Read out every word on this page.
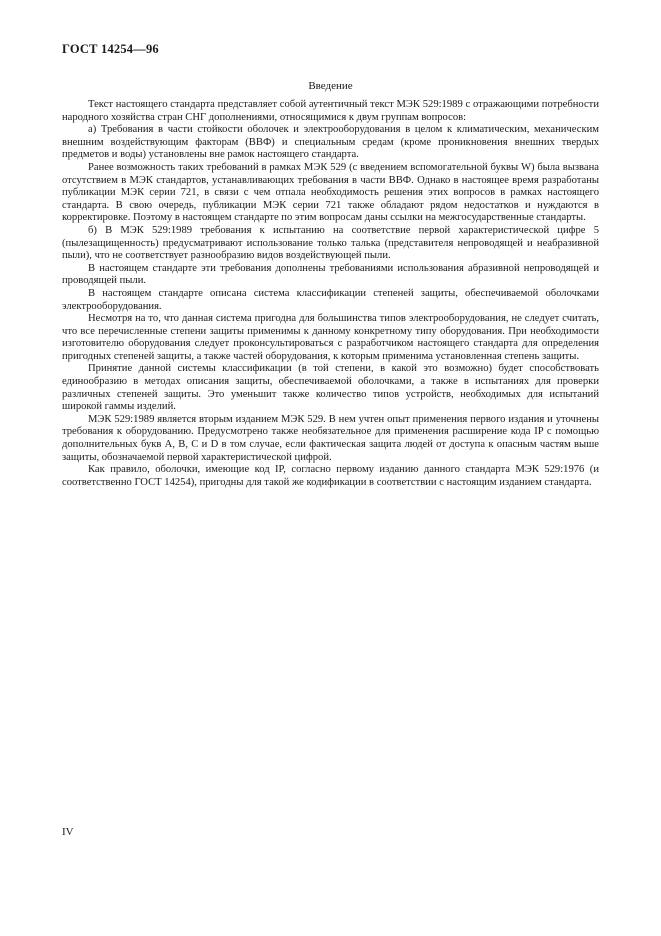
ГОСТ 14254—96
Введение

Текст настоящего стандарта представляет собой аутентичный текст МЭК 529:1989 с отражающими потребности народного хозяйства стран СНГ дополнениями, относящимися к двум группам вопросов:

а) Требования в части стойкости оболочек и электрооборудования в целом к климатическим, механическим внешним воздействующим факторам (ВВФ) и специальным средам (кроме проникновения внешних твердых предметов и воды) установлены вне рамок настоящего стандарта.

Ранее возможность таких требований в рамках МЭК 529 (с введением вспомогательной буквы W) была вызвана отсутствием в МЭК стандартов, устанавливающих требования в части ВВФ. Однако в настоящее время разработаны публикации МЭК серии 721, в связи с чем отпала необходимость решения этих вопросов в рамках настоящего стандарта. В свою очередь, публикации МЭК серии 721 также обладают рядом недостатков и нуждаются в корректировке. Поэтому в настоящем стандарте по этим вопросам даны ссылки на межгосударственные стандарты.

б) В МЭК 529:1989 требования к испытанию на соответствие первой характеристической цифре 5 (пылезащищенность) предусматривают использование только талька (представителя непроводящей и неабразивной пыли), что не соответствует разнообразию видов воздействующей пыли.

В настоящем стандарте эти требования дополнены требованиями использования абразивной непроводящей и проводящей пыли.

В настоящем стандарте описана система классификации степеней защиты, обеспечиваемой оболочками электрооборудования.

Несмотря на то, что данная система пригодна для большинства типов электрооборудования, не следует считать, что все перечисленные степени защиты применимы к данному конкретному типу оборудования. При необходимости изготовителю оборудования следует проконсультироваться с разработчиком настоящего стандарта для определения пригодных степеней защиты, а также частей оборудования, к которым применима установленная степень защиты.

Принятие данной системы классификации (в той степени, в какой это возможно) будет способствовать единообразию в методах описания защиты, обеспечиваемой оболочками, а также в испытаниях для проверки различных степеней защиты. Это уменьшит также количество типов устройств, необходимых для испытаний широкой гаммы изделий.

МЭК 529:1989 является вторым изданием МЭК 529. В нем учтен опыт применения первого издания и уточнены требования к оборудованию. Предусмотрено также необязательное для применения расширение кода IP с помощью дополнительных букв A, B, C и D в том случае, если фактическая защита людей от доступа к опасным частям выше защиты, обозначаемой первой характеристической цифрой.

Как правило, оболочки, имеющие код IP, согласно первому изданию данного стандарта МЭК 529:1976 (и соответственно ГОСТ 14254), пригодны для такой же кодификации в соответствии с настоящим изданием стандарта.

IV
